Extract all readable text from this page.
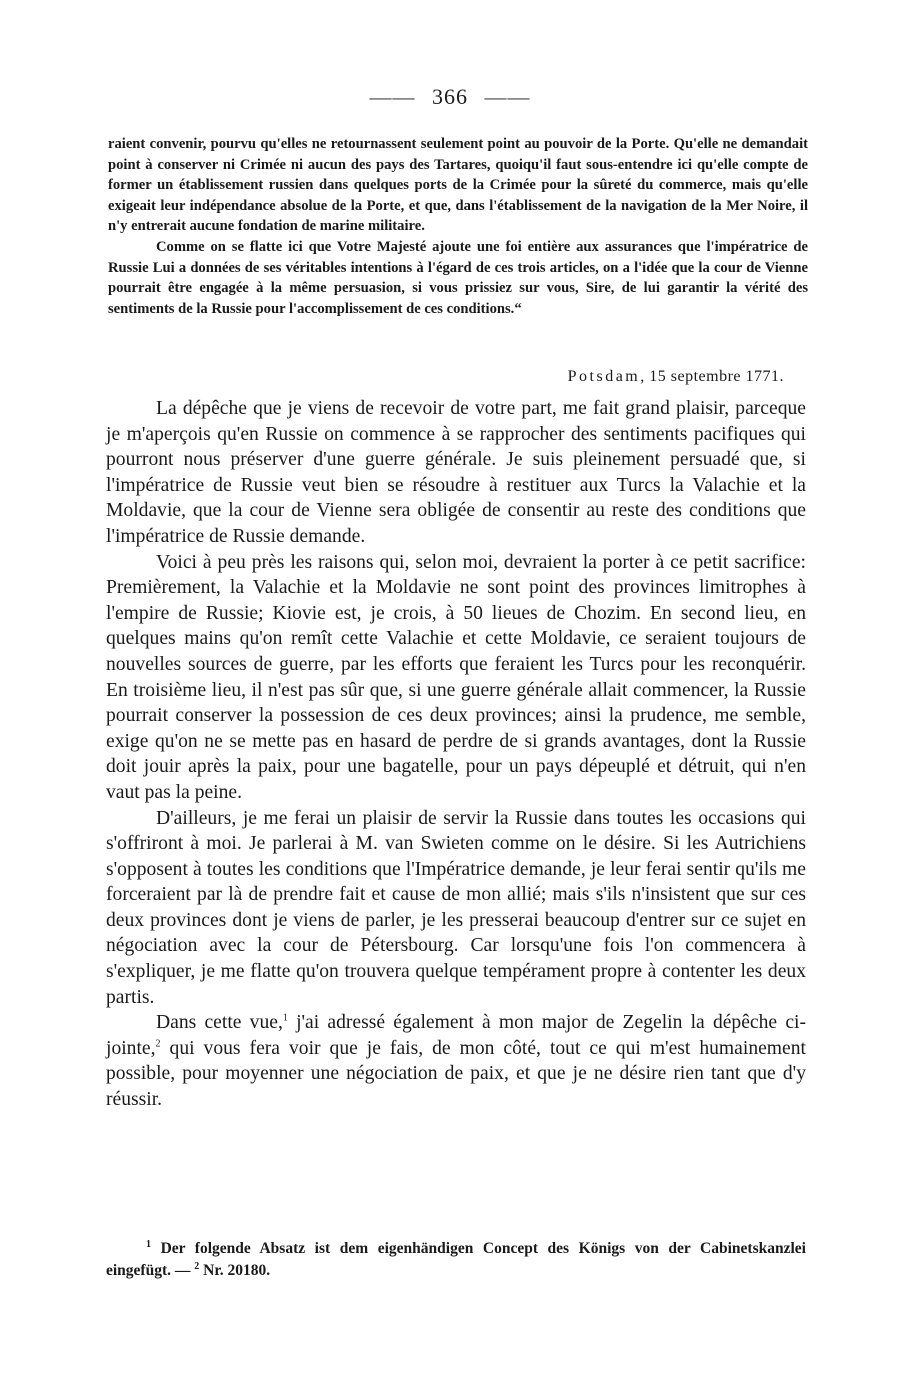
—— 366 ——

raient convenir, pourvu qu'elles ne retournassent seulement point au pouvoir de la Porte. Qu'elle ne demandait point à conserver ni Crimée ni aucun des pays des Tartares, quoiqu'il faut sous-entendre ici qu'elle compte de former un établissement russien dans quelques ports de la Crimée pour la sûreté du commerce, mais qu'elle exigeait leur indépendance absolue de la Porte, et que, dans l'établissement de la navigation de la Mer Noire, il n'y entrerait aucune fondation de marine militaire.

Comme on se flatte ici que Votre Majesté ajoute une foi entière aux assurances que l'impératrice de Russie Lui a données de ses véritables intentions à l'égard de ces trois articles, on a l'idée que la cour de Vienne pourrait être engagée à la même persuasion, si vous prissiez sur vous, Sire, de lui garantir la vérité des sentiments de la Russie pour l'accomplissement de ces conditions.“

Potsdam, 15 septembre 1771.

La dépêche que je viens de recevoir de votre part, me fait grand plaisir, parceque je m'aperçois qu'en Russie on commence à se rapprocher des sentiments pacifiques qui pourront nous préserver d'une guerre générale. Je suis pleinement persuadé que, si l'impératrice de Russie veut bien se résoudre à restituer aux Turcs la Valachie et la Moldavie, que la cour de Vienne sera obligée de consentir au reste des conditions que l'impératrice de Russie demande.

Voici à peu près les raisons qui, selon moi, devraient la porter à ce petit sacrifice: Premièrement, la Valachie et la Moldavie ne sont point des provinces limitrophes à l'empire de Russie; Kiovie est, je crois, à 50 lieues de Chozim. En second lieu, en quelques mains qu'on remît cette Valachie et cette Moldavie, ce seraient toujours de nouvelles sources de guerre, par les efforts que feraient les Turcs pour les reconquérir. En troisième lieu, il n'est pas sûr que, si une guerre générale allait commencer, la Russie pourrait conserver la possession de ces deux provinces; ainsi la prudence, me semble, exige qu'on ne se mette pas en hasard de perdre de si grands avantages, dont la Russie doit jouir après la paix, pour une bagatelle, pour un pays dépeuplé et détruit, qui n'en vaut pas la peine.

D'ailleurs, je me ferai un plaisir de servir la Russie dans toutes les occasions qui s'offriront à moi. Je parlerai à M. van Swieten comme on le désire. Si les Autrichiens s'opposent à toutes les conditions que l'Impératrice demande, je leur ferai sentir qu'ils me forceraient par là de prendre fait et cause de mon allié; mais s'ils n'insistent que sur ces deux provinces dont je viens de parler, je les presserai beaucoup d'entrer sur ce sujet en négociation avec la cour de Pétersbourg. Car lorsqu'une fois l'on commencera à s'expliquer, je me flatte qu'on trouvera quelque tempérament propre à contenter les deux partis.

Dans cette vue,$^1$ j'ai adressé également à mon major de Zegelin la dépêche ci-jointe,$^2$ qui vous fera voir que je fais, de mon côté, tout ce qui m'est humainement possible, pour moyenner une négociation de paix, et que je ne désire rien tant que d'y réussir.

$^1$ Der folgende Absatz ist dem eigenhändigen Concept des Königs von der Cabinetskanzlei eingefügt. — $^2$ Nr. 20180.
